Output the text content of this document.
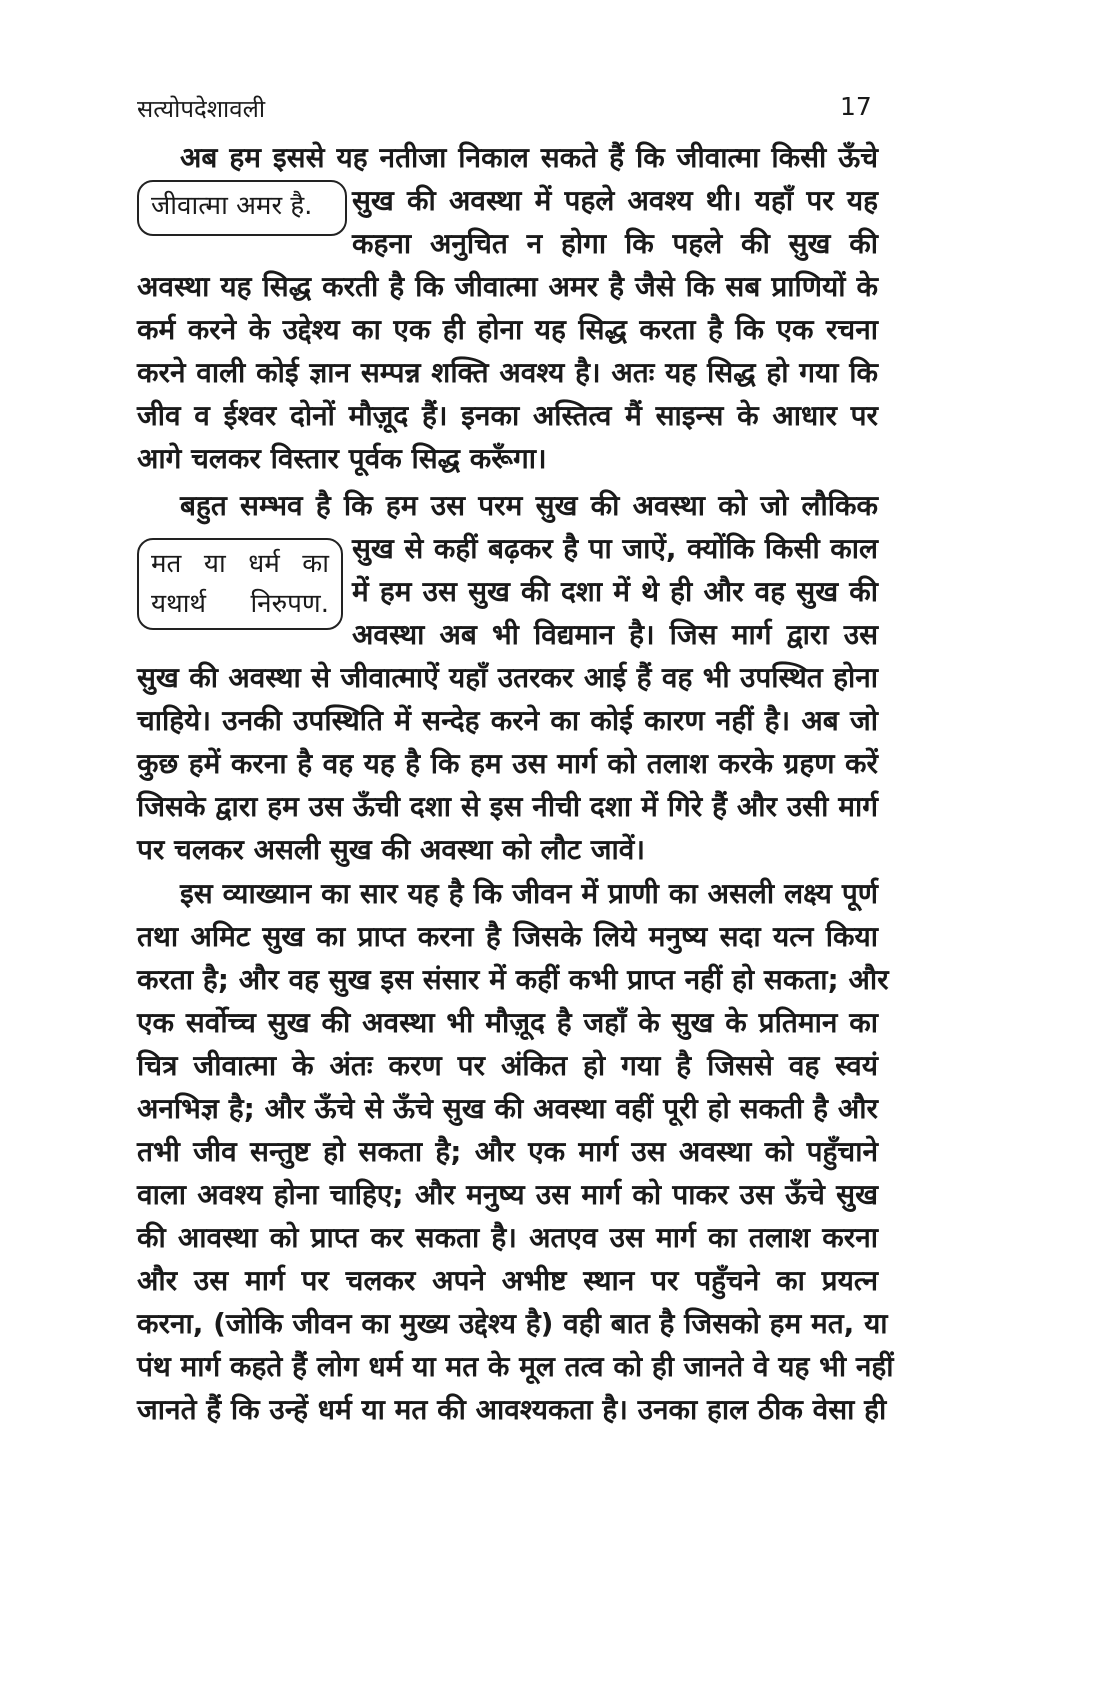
सत्योपदेशावली	17
जीवात्मा अमर है.
मत या धर्म का
यथार्थ निरुपण.
अब हम इससे यह नतीजा निकाल सकते हैं कि जीवात्मा किसी ऊँचे
सुख की अवस्था में पहले अवश्य थी। यहाँ पर यह
कहना अनुचित न होगा कि पहले की सुख की
अवस्था यह सिद्ध करती है कि जीवात्मा अमर है जैसे कि सब प्राणियों के
कर्म करने के उद्देश्य का एक ही होना यह सिद्ध करता है कि एक रचना
करने वाली कोई ज्ञान सम्पन्न शक्ति अवश्य है। अतः यह सिद्ध हो गया कि
जीव व ईश्वर दोनों मौज़ूद हैं। इनका अस्तित्व मैं साइन्स के आधार पर
आगे चलकर विस्तार पूर्वक सिद्ध करूँगा।
बहुत सम्भव है कि हम उस परम सुख की अवस्था को जो लौकिक
सुख से कहीं बढ़कर है पा जाऐं, क्योंकि किसी काल
में हम उस सुख की दशा में थे ही और वह सुख की
अवस्था अब भी विद्यमान है। जिस मार्ग द्वारा उस
सुख की अवस्था से जीवात्माऐं यहाँ उतरकर आई हैं वह भी उपस्थित होना
चाहिये। उनकी उपस्थिति में सन्देह करने का कोई कारण नहीं है। अब जो
कुछ हमें करना है वह यह है कि हम उस मार्ग को तलाश करके ग्रहण करें
जिसके द्वारा हम उस ऊँची दशा से इस नीची दशा में गिरे हैं और उसी मार्ग
पर चलकर असली सुख की अवस्था को लौट जावें।
इस व्याख्यान का सार यह है कि जीवन में प्राणी का असली लक्ष्य पूर्ण
तथा अमिट सुख का प्राप्त करना है जिसके लिये मनुष्य सदा यत्न किया
करता है; और वह सुख इस संसार में कहीं कभी प्राप्त नहीं हो सकता; और
एक सर्वोच्च सुख की अवस्था भी मौज़ूद है जहाँ के सुख के प्रतिमान का
चित्र जीवात्मा के अंतः करण पर अंकित हो गया है जिससे वह स्वयं
अनभिज्ञ है; और ऊँचे से ऊँचे सुख की अवस्था वहीं पूरी हो सकती है और
तभी जीव सन्तुष्ट हो सकता है; और एक मार्ग उस अवस्था को पहुँचाने
वाला अवश्य होना चाहिए; और मनुष्य उस मार्ग को पाकर उस ऊँचे सुख
की आवस्था को प्राप्त कर सकता है। अतएव उस मार्ग का तलाश करना
और उस मार्ग पर चलकर अपने अभीष्ट स्थान पर पहुँचने का प्रयत्न
करना, (जोकि जीवन का मुख्य उद्देश्य है) वही बात है जिसको हम मत, या
पंथ मार्ग कहते हैं लोग धर्म या मत के मूल तत्व को ही जानते वे यह भी नहीं
जानते हैं कि उन्हें धर्म या मत की आवश्यकता है। उनका हाल ठीक वेसा ही
